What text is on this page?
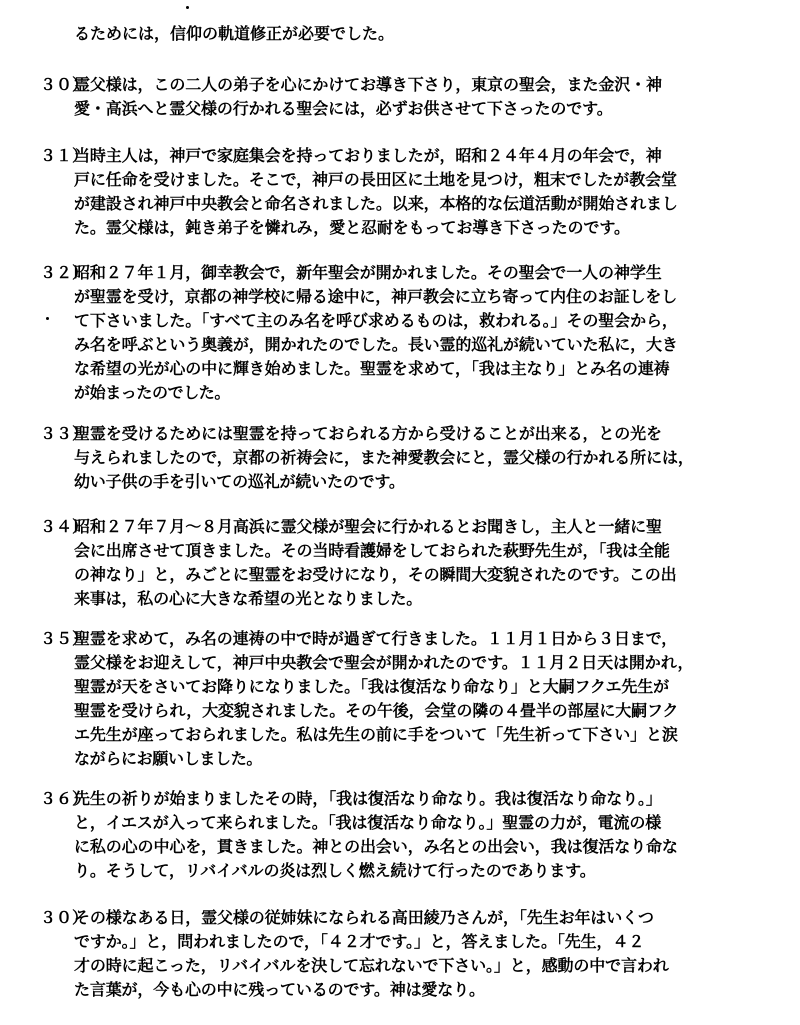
るためには，信仰の軌道修正が必要でした。
３０）
霊父様は，この二人の弟子を心にかけてお導き下さり，東京の聖会，また金沢・神
愛・高浜へと霊父様の行かれる聖会には，必ずお供させて下さったのです。
３１）
当時主人は，神戸で家庭集会を持っておりましたが，昭和２４年４月の年会で，神
戸に任命を受けました。そこで，神戸の長田区に土地を見つけ，粗末でしたが教会堂
が建設され神戸中央教会と命名されました。以来，本格的な伝道活動が開始されまし
た。霊父様は，鈍き弟子を憐れみ，愛と忍耐をもってお導き下さったのです。
３２）
昭和２７年１月，御幸教会で，新年聖会が開かれました。その聖会で一人の神学生
が聖霊を受け，京都の神学校に帰る途中に，神戸教会に立ち寄って内住のお証しをし
て下さいました。「すべて主のみ名を呼び求めるものは，救われる。」その聖会から，
み名を呼ぶという奥義が，開かれたのでした。長い霊的巡礼が続いていた私に，大き
な希望の光が心の中に輝き始めました。聖霊を求めて，「我は主なり」とみ名の連祷
が始まったのでした。
３３）
聖霊を受けるためには聖霊を持っておられる方から受けることが出来る，との光を
与えられましたので，京都の祈祷会に，また神愛教会にと，霊父様の行かれる所には，
幼い子供の手を引いての巡礼が続いたのです。
３４）
昭和２７年７月～８月高浜に霊父様が聖会に行かれるとお聞きし，主人と一緒に聖
会に出席させて頂きました。その当時看護婦をしておられた萩野先生が，「我は全能
の神なり」と，みごとに聖霊をお受けになり，その瞬間大変貌されたのです。この出
来事は，私の心に大きな希望の光となりました。
３５）
聖霊を求めて，み名の連祷の中で時が過ぎて行きました。１１月１日から３日まで，
霊父様をお迎えして，神戸中央教会で聖会が開かれたのです。１１月２日天は開かれ，
聖霊が天をさいてお降りになりました。「我は復活なり命なり」と大嗣フクエ先生が
聖霊を受けられ，大変貌されました。その午後，会堂の隣の４畳半の部屋に大嗣フク
エ先生が座っておられました。私は先生の前に手をついて「先生祈って下さい」と涙
ながらにお願いしました。
３６）
先生の祈りが始まりましたその時，「我は復活なり命なり。我は復活なり命なり。」
と，イエスが入って来られました。「我は復活なり命なり。」聖霊の力が，電流の様
に私の心の中心を，貫きました。神との出会い，み名との出会い，我は復活なり命な
り。そうして，リバイバルの炎は烈しく燃え続けて行ったのであります。
３０）
その様なある日，霊父様の従姉妹になられる高田綾乃さんが，「先生お年はいくつ
ですか。」と，問われましたので，「４２才です。」と，答えました。「先生，４２
才の時に起こった，リバイバルを決して忘れないで下さい。」と，感動の中で言われ
た言葉が，今も心の中に残っているのです。神は愛なり。
